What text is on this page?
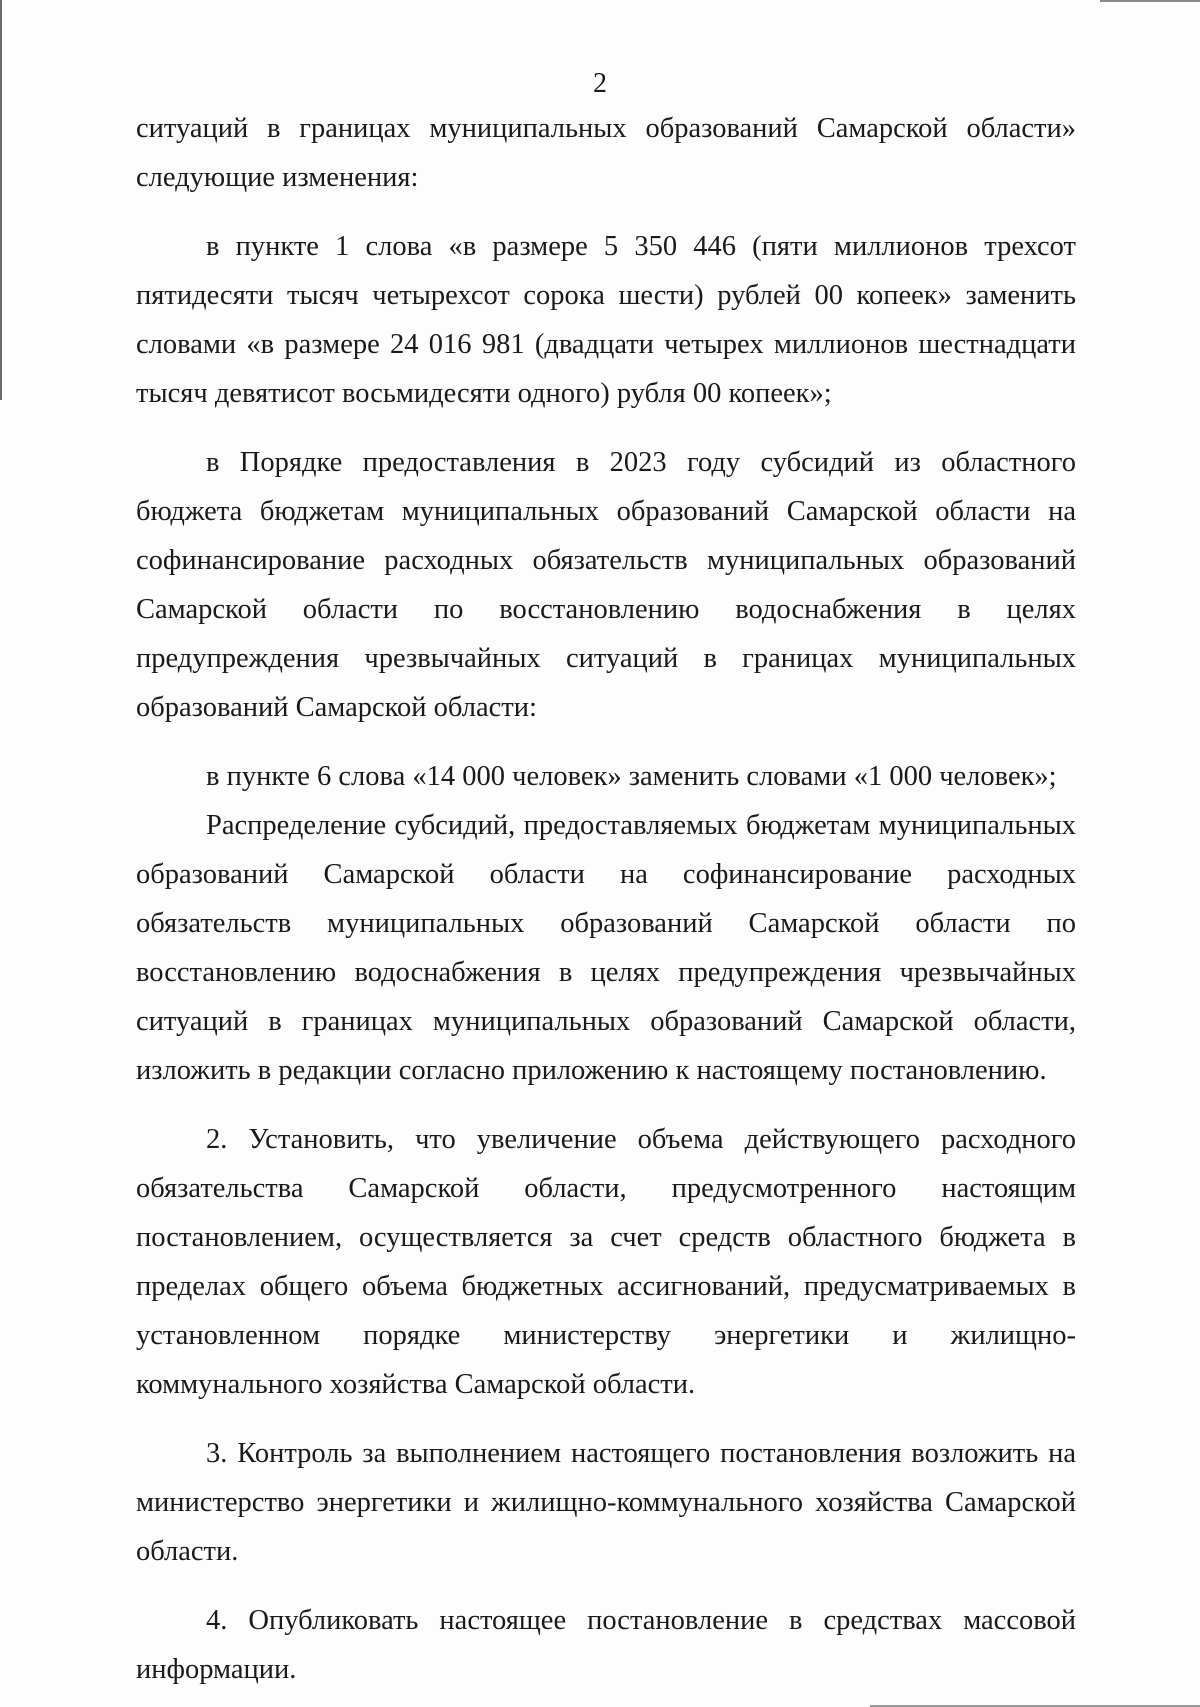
2

ситуаций в границах муниципальных образований Самарской области» следующие изменения:

в пункте 1 слова «в размере 5 350 446 (пяти миллионов трехсот пятидесяти тысяч четырехсот сорока шести) рублей 00 копеек» заменить словами «в размере 24 016 981 (двадцати четырех миллионов шестнадцати тысяч девятисот восьмидесяти одного) рубля 00 копеек»;

в Порядке предоставления в 2023 году субсидий из областного бюджета бюджетам муниципальных образований Самарской области на софинансирование расходных обязательств муниципальных образований Самарской области по восстановлению водоснабжения в целях предупреждения чрезвычайных ситуаций в границах муниципальных образований Самарской области:

в пункте 6 слова «14 000 человек» заменить словами «1 000 человек»;

Распределение субсидий, предоставляемых бюджетам муниципальных образований Самарской области на софинансирование расходных обязательств муниципальных образований Самарской области по восстановлению водоснабжения в целях предупреждения чрезвычайных ситуаций в границах муниципальных образований Самарской области, изложить в редакции согласно приложению к настоящему постановлению.

2. Установить, что увеличение объема действующего расходного обязательства Самарской области, предусмотренного настоящим постановлением, осуществляется за счет средств областного бюджета в пределах общего объема бюджетных ассигнований, предусматриваемых в установленном порядке министерству энергетики и жилищно-коммунального хозяйства Самарской области.

3. Контроль за выполнением настоящего постановления возложить на министерство энергетики и жилищно-коммунального хозяйства Самарской области.

4. Опубликовать настоящее постановление в средствах массовой информации.
